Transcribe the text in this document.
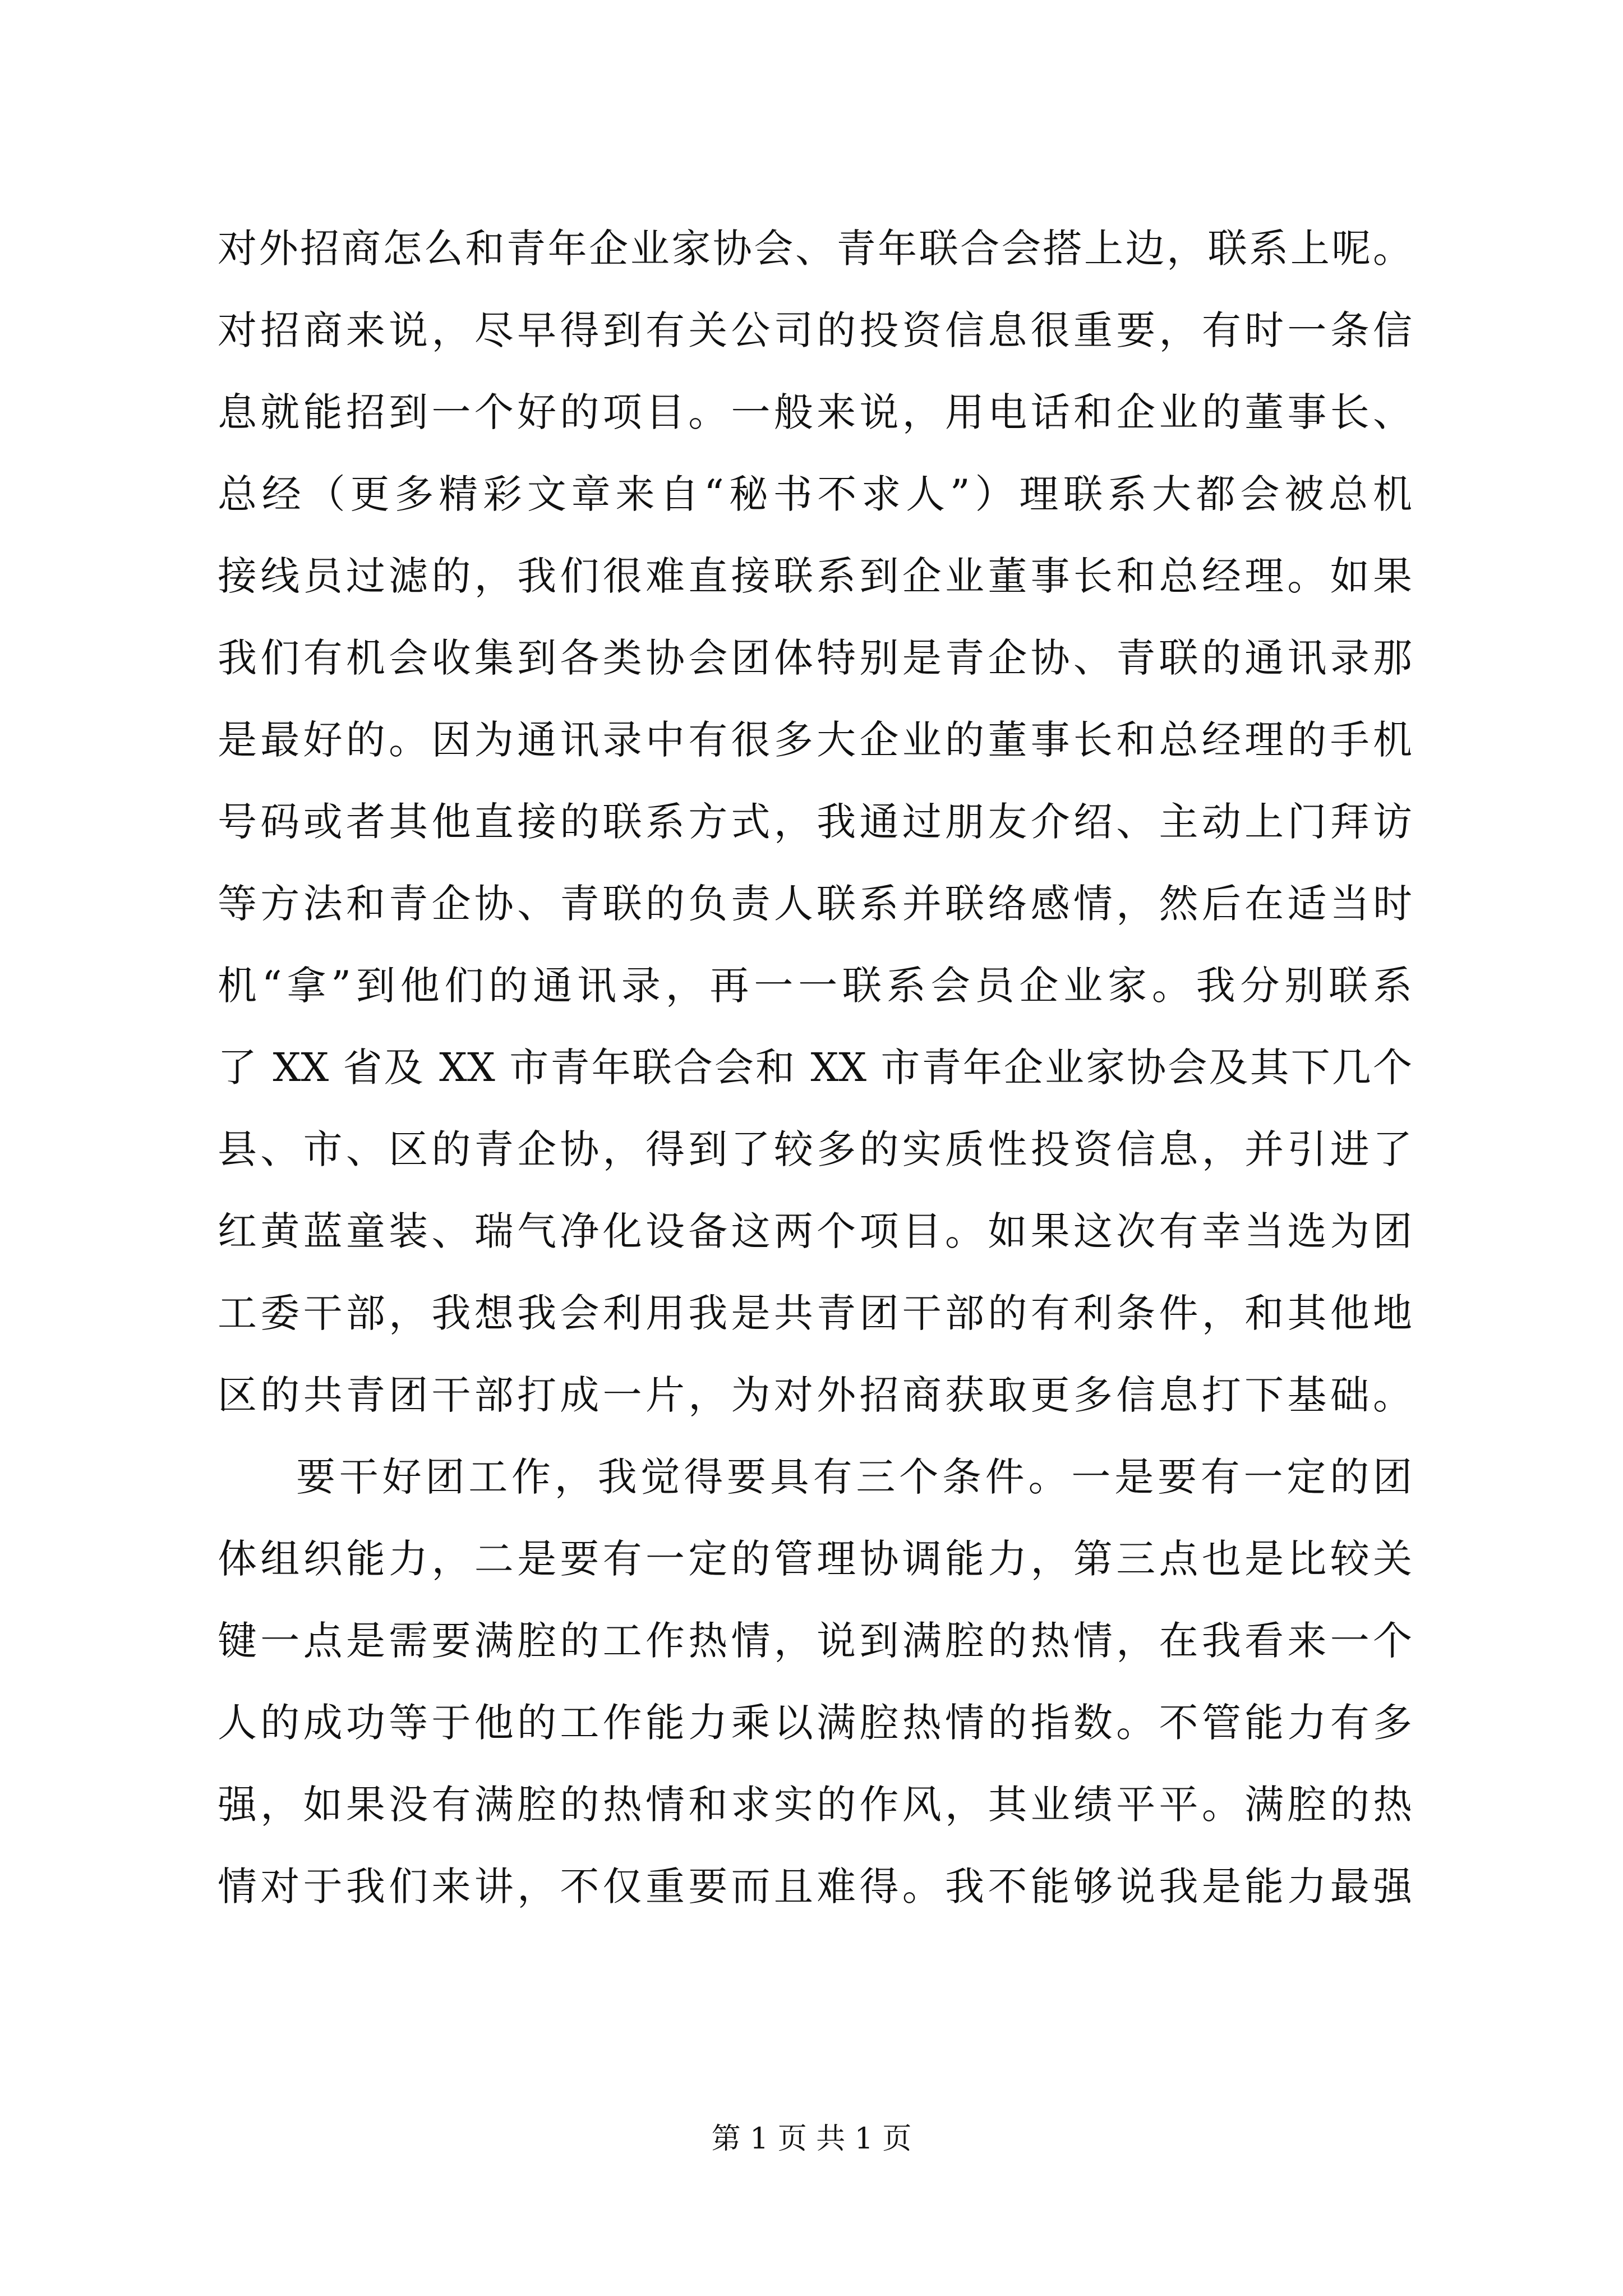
对外招商怎么和青年企业家协会、青年联合会搭上边，联系上呢。
对招商来说，尽早得到有关公司的投资信息很重要，有时一条信
息就能招到一个好的项目。一般来说，用电话和企业的董事长、
总经（更多精彩文章来自“秘书不求人”）理联系大都会被总机
接线员过滤的，我们很难直接联系到企业董事长和总经理。如果
我们有机会收集到各类协会团体特别是青企协、青联的通讯录那
是最好的。因为通讯录中有很多大企业的董事长和总经理的手机
号码或者其他直接的联系方式，我通过朋友介绍、主动上门拜访
等方法和青企协、青联的负责人联系并联络感情，然后在适当时
机“拿”到他们的通讯录，再一一联系会员企业家。我分别联系
了 XX 省及 XX 市青年联合会和 XX 市青年企业家协会及其下几个
县、市、区的青企协，得到了较多的实质性投资信息，并引进了
红黄蓝童装、瑞气净化设备这两个项目。如果这次有幸当选为团
工委干部，我想我会利用我是共青团干部的有利条件，和其他地
区的共青团干部打成一片，为对外招商获取更多信息打下基础。
要干好团工作，我觉得要具有三个条件。一是要有一定的团
体组织能力，二是要有一定的管理协调能力，第三点也是比较关
键一点是需要满腔的工作热情，说到满腔的热情，在我看来一个
人的成功等于他的工作能力乘以满腔热情的指数。不管能力有多
强，如果没有满腔的热情和求实的作风，其业绩平平。满腔的热
情对于我们来讲，不仅重要而且难得。我不能够说我是能力最强
第 1 页 共 1 页
